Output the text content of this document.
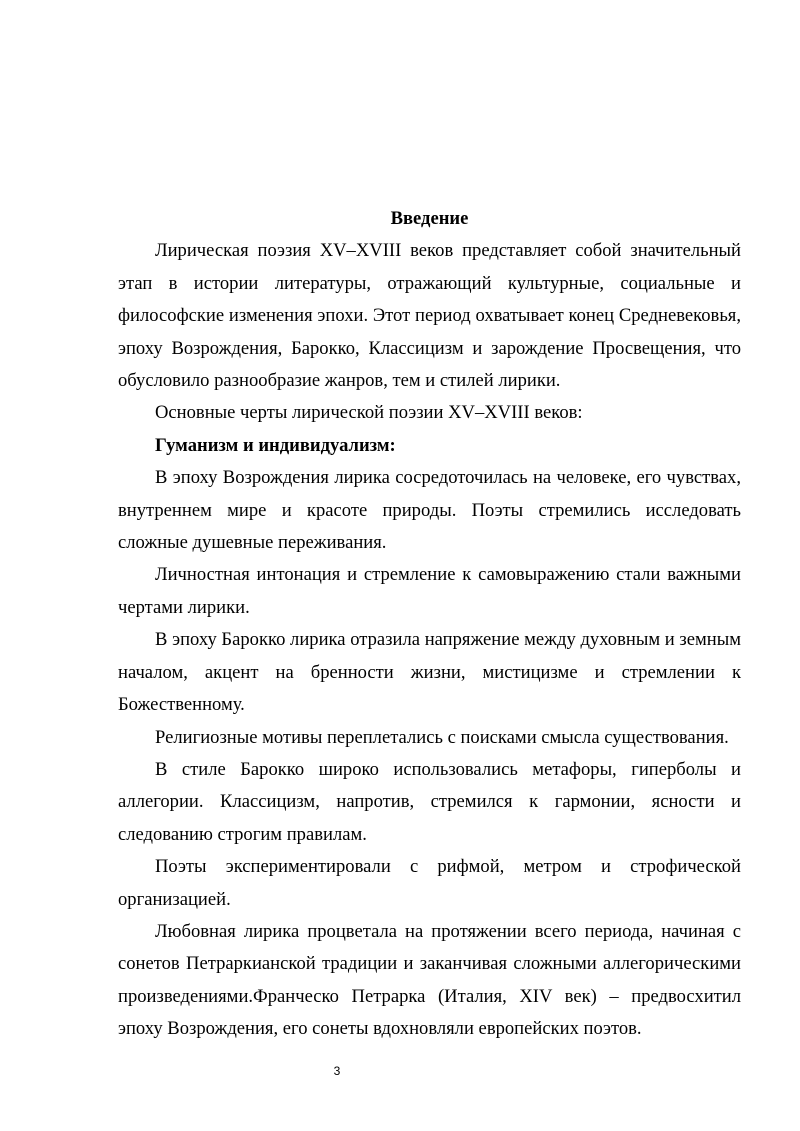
Введение

Лирическая поэзия XV–XVIII веков представляет собой значительный этап в истории литературы, отражающий культурные, социальные и философские изменения эпохи. Этот период охватывает конец Средневековья, эпоху Возрождения, Барокко, Классицизм и зарождение Просвещения, что обусловило разнообразие жанров, тем и стилей лирики.

Основные черты лирической поэзии XV–XVIII веков:

Гуманизм и индивидуализм:

В эпоху Возрождения лирика сосредоточилась на человеке, его чувствах, внутреннем мире и красоте природы. Поэты стремились исследовать сложные душевные переживания.

Личностная интонация и стремление к самовыражению стали важными чертами лирики.

В эпоху Барокко лирика отразила напряжение между духовным и земным началом, акцент на бренности жизни, мистицизме и стремлении к Божественному.

Религиозные мотивы переплетались с поисками смысла существования.

В стиле Барокко широко использовались метафоры, гиперболы и аллегории. Классицизм, напротив, стремился к гармонии, ясности и следованию строгим правилам.

Поэты экспериментировали с рифмой, метром и строфической организацией.

Любовная лирика процветала на протяжении всего периода, начиная с сонетов Петраркианской традиции и заканчивая сложными аллегорическими произведениями.Франческо Петрарка (Италия, XIV век) – предвосхитил эпоху Возрождения, его сонеты вдохновляли европейских поэтов.

3
